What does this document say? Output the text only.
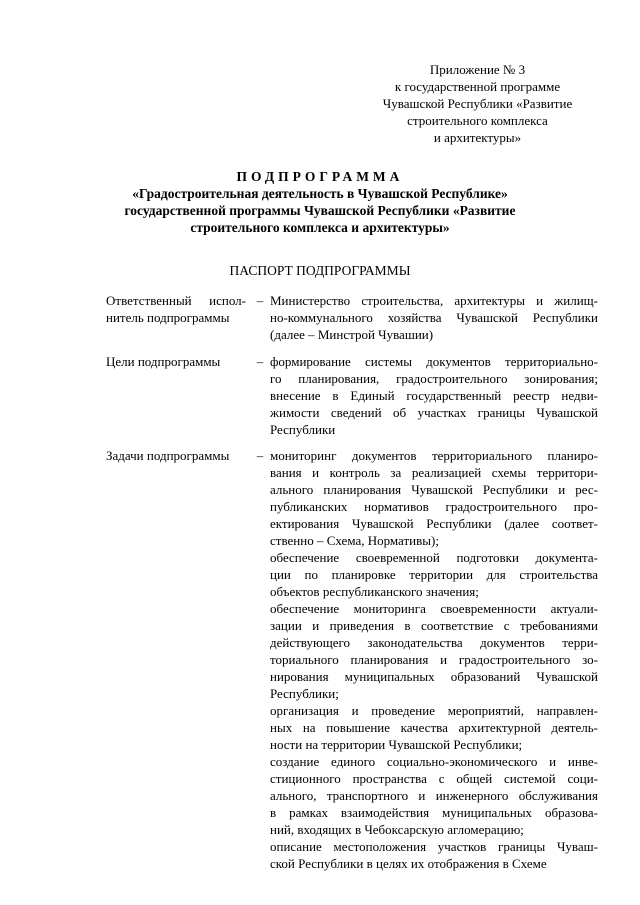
Приложение № 3
к государственной программе
Чувашской Республики «Развитие
строительного комплекса
и архитектуры»
ПОДПРОГРАММА
«Градостроительная деятельность в Чувашской Республике»
государственной программы Чувашской Республики «Развитие
строительного комплекса и архитектуры»
ПАСПОРТ ПОДПРОГРАММЫ
Ответственный испол-
нитель подпрограммы
– Министерство строительства, архитектуры и жилищ-
но-коммунального хозяйства Чувашской Республики
(далее – Минстрой Чувашии)
Цели подпрограммы	– формирование системы документов территориально-
го планирования, градостроительного зонирования;
внесение в Единый государственный реестр недви-
жимости сведений об участках границы Чувашской
Республики
Задачи подпрограммы	– мониторинг документов территориального планиро-
вания и контроль за реализацией схемы территори-
ального планирования Чувашской Республики и рес-
публиканских нормативов градостроительного про-
ектирования Чувашской Республики (далее соответ-
ственно – Схема, Нормативы);
обеспечение своевременной подготовки документа-
ции по планировке территории для строительства
объектов республиканского значения;
обеспечение мониторинга своевременности актуали-
зации и приведения в соответствие с требованиями
действующего законодательства документов терри-
ториального планирования и градостроительного зо-
нирования муниципальных образований Чувашской
Республики;
организация и проведение мероприятий, направлен-
ных на повышение качества архитектурной деятель-
ности на территории Чувашской Республики;
создание единого социально-экономического и инве-
стиционного пространства с общей системой соци-
ального, транспортного и инженерного обслуживания
в рамках взаимодействия муниципальных образова-
ний, входящих в Чебоксарскую агломерацию;
описание местоположения участков границы Чуваш-
ской Республики в целях их отображения в Схеме
